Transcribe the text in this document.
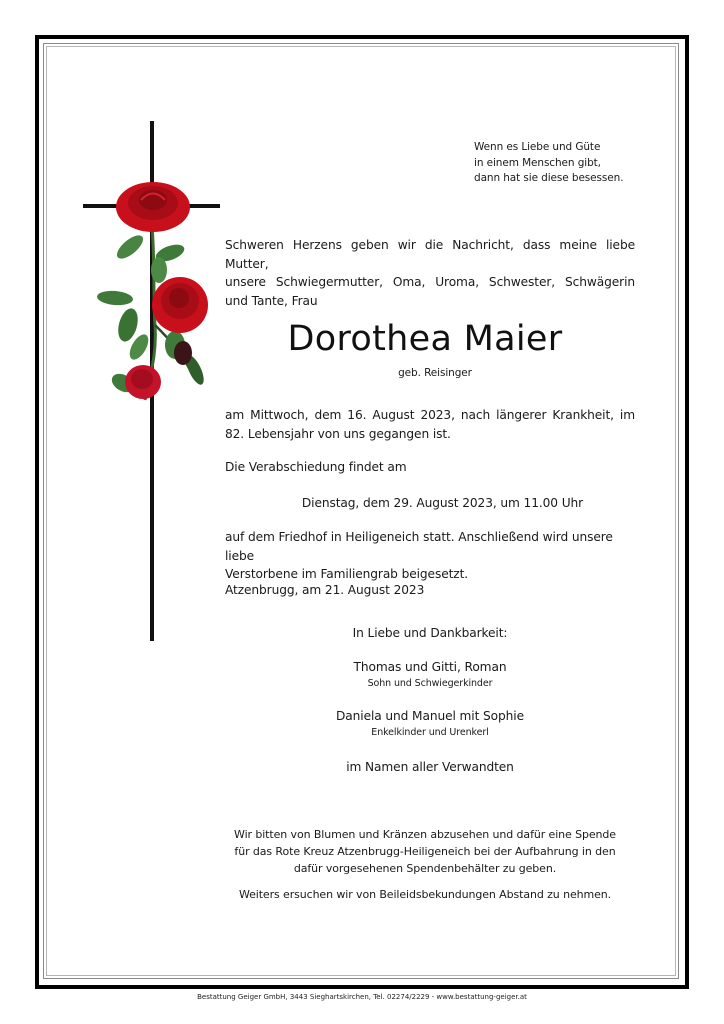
Wenn es Liebe und Güte
in einem Menschen gibt,
dann hat sie diese besessen.
Schweren Herzens geben wir die Nachricht, dass meine liebe Mutter,
unsere Schwiegermutter, Oma, Uroma, Schwester, Schwägerin
und Tante, Frau
Dorothea Maier
geb. Reisinger
am Mittwoch, dem 16. August 2023, nach längerer Krankheit, im
82. Lebensjahr von uns gegangen ist.
Die Verabschiedung findet am
Dienstag, dem 29. August 2023, um 11.00 Uhr
auf dem Friedhof in Heiligeneich statt. Anschließend wird unsere liebe
Verstorbene im Familiengrab beigesetzt.
Atzenbrugg, am 21. August 2023
In Liebe und Dankbarkeit:
Thomas und Gitti, Roman
Sohn und Schwiegerkinder
Daniela und Manuel mit Sophie
Enkelkinder und Urenkerl
im Namen aller Verwandten
Wir bitten von Blumen und Kränzen abzusehen und dafür eine Spende
für das Rote Kreuz Atzenbrugg-Heiligeneich bei der Aufbahrung in den
dafür vorgesehenen Spendenbehälter zu geben.
Weiters ersuchen wir von Beileidsbekundungen Abstand zu nehmen.
Bestattung Geiger GmbH, 3443 Sieghartskirchen, Tel. 02274/2229 - www.bestattung-geiger.at
